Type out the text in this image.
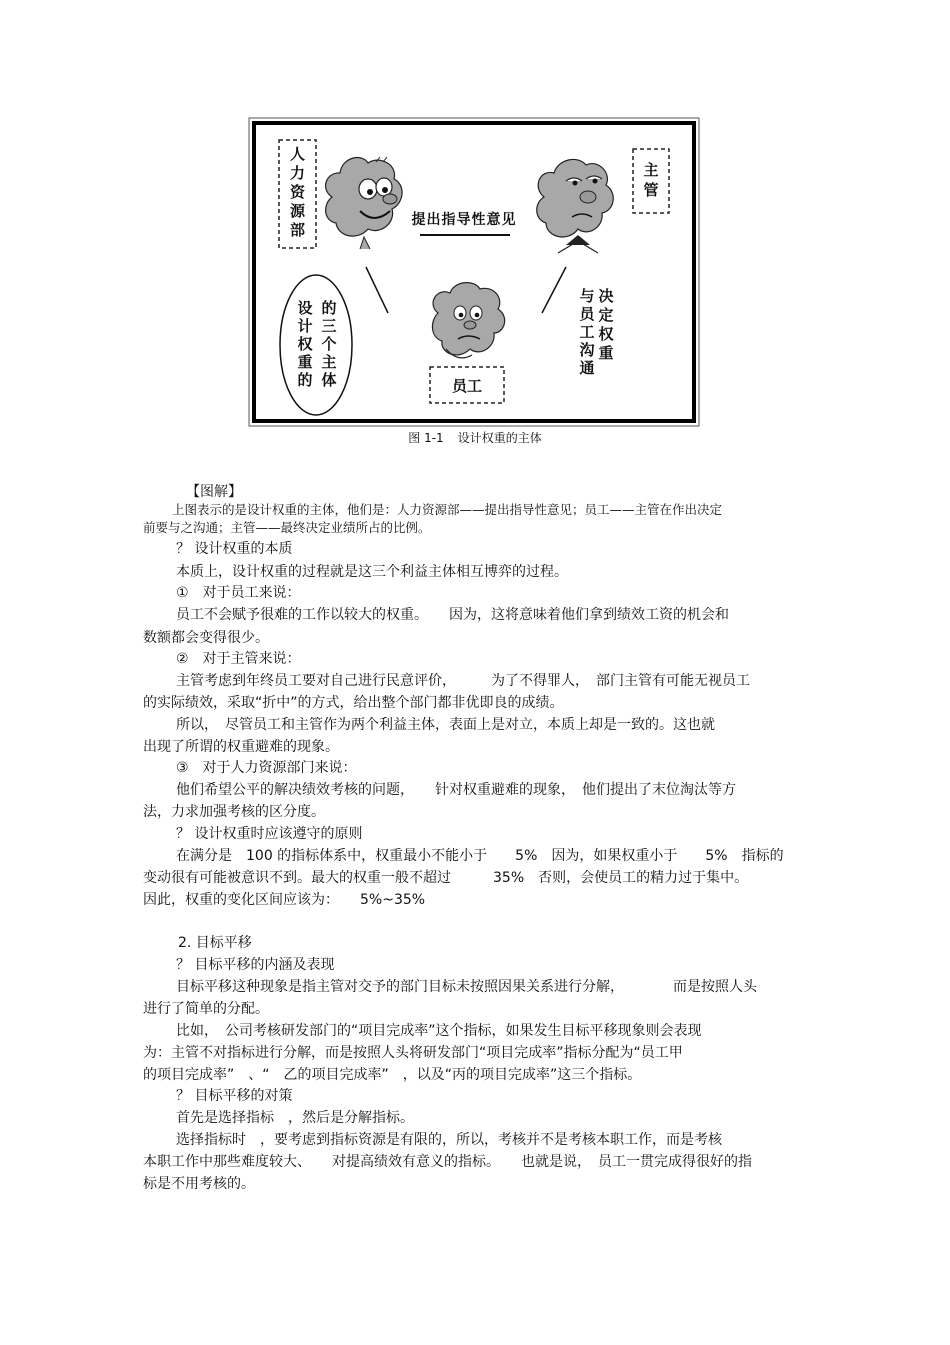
人力资源部
主管
员工
提出指导性意见
决定权重
与员工沟通
的三个主体
设计权重的
图 1-1 设计权重的主体
【图解】
上图表示的是设计权重的主体，他们是：人力资源部——提出指导性意见；员工——主管在作出决定
前要与之沟通；主管——最终决定业绩所占的比例。
？ 设计权重的本质
本质上，设计权重的过程就是这三个利益主体相互博弈的过程。
①　对于员工来说：
员工不会赋予很难的工作以较大的权重。　　因为，这将意味着他们拿到绩效工资的机会和
数额都会变得很少。
②　对于主管来说：
主管考虑到年终员工要对自己进行民意评价，　　　为了不得罪人，　部门主管有可能无视员工
的实际绩效，采取“折中”的方式，给出整个部门都非优即良的成绩。
所以，　尽管员工和主管作为两个利益主体，表面上是对立，本质上却是一致的。这也就
出现了所谓的权重避难的现象。
③　对于人力资源部门来说：
他们希望公平的解决绩效考核的问题，　　针对权重避难的现象，　他们提出了末位淘汰等方
法，力求加强考核的区分度。
？ 设计权重时应该遵守的原则
在满分是　100 的指标体系中，权重最小不能小于　　5%　因为，如果权重小于　　5%　指标的
变动很有可能被意识不到。最大的权重一般不超过　　　35%　否则，会使员工的精力过于集中。
因此，权重的变化区间应该为：　　5%~35%
2. 目标平移
？ 目标平移的内涵及表现
目标平移这种现象是指主管对交予的部门目标未按照因果关系进行分解，　　　　而是按照人头
进行了简单的分配。
比如，　公司考核研发部门的“项目完成率”这个指标，如果发生目标平移现象则会表现
为：主管不对指标进行分解，而是按照人头将研发部门“项目完成率”指标分配为“员工甲
的项目完成率”　、“　乙的项目完成率”　，以及“丙的项目完成率”这三个指标。
？ 目标平移的对策
首先是选择指标　，然后是分解指标。
选择指标时　，要考虑到指标资源是有限的，所以，考核并不是考核本职工作，而是考核
本职工作中那些难度较大、　　对提高绩效有意义的指标。　　也就是说，　员工一贯完成得很好的指
标是不用考核的。
